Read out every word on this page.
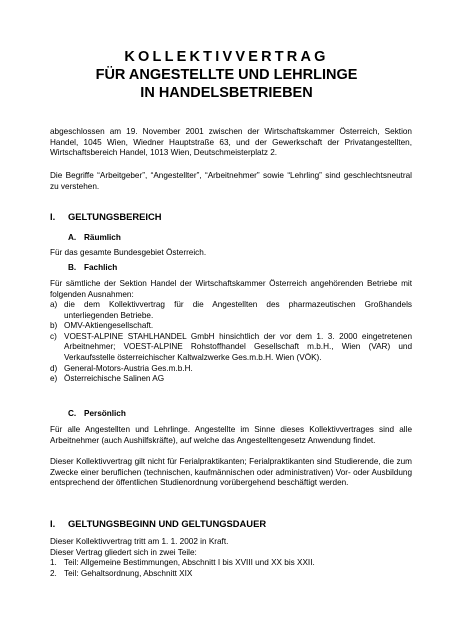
KOLLEKTIVVERTRAG

FÜR ANGESTELLTE UND LEHRLINGE

IN HANDELSBETRIEBEN

abgeschlossen am 19. November 2001 zwischen der Wirtschaftskammer Österreich, Sektion Handel, 1045 Wien, Wiedner Hauptstraße 63, und der Gewerkschaft der Privatangestellten, Wirtschaftsbereich Handel, 1013 Wien, Deutschmeisterplatz 2.
Die Begriffe “Arbeitgeber”, “Angestellter”, “Arbeitnehmer” sowie “Lehrling” sind geschlechtsneutral zu verstehen.
I. GELTUNGSBEREICH
A. Räumlich
Für das gesamte Bundesgebiet Österreich.
B. Fachlich
Für sämtliche der Sektion Handel der Wirtschaftskammer Österreich angehörenden Betriebe mit folgenden Ausnahmen:
a) die dem Kollektivvertrag für die Angestellten des pharmazeutischen Großhandels unterliegenden Betriebe.
b) OMV-Aktiengesellschaft.
c) VOEST-ALPINE STAHLHANDEL GmbH hinsichtlich der vor dem 1. 3. 2000 eingetretenen Arbeitnehmer; VOEST-ALPINE Rohstoffhandel Gesellschaft m.b.H., Wien (VAR) und Verkaufsstelle österreichischer Kaltwalzwerke Ges.m.b.H. Wien (VÖK).
d) General-Motors-Austria Ges.m.b.H.
e) Österreichische Salinen AG
C. Persönlich
Für alle Angestellten und Lehrlinge. Angestellte im Sinne dieses Kollektivvertrages sind alle Arbeitnehmer (auch Aushilfskräfte), auf welche das Angestelltengesetz Anwendung findet.
Dieser Kollektivvertrag gilt nicht für Ferialpraktikanten; Ferialpraktikanten sind Studierende, die zum Zwecke einer beruflichen (technischen, kaufmännischen oder administrativen) Vor- oder Ausbildung entsprechend der öffentlichen Studienordnung vorübergehend beschäftigt werden.
I. GELTUNGSBEGINN UND GELTUNGSDAUER
Dieser Kollektivvertrag tritt am 1. 1. 2002 in Kraft.
Dieser Vertrag gliedert sich in zwei Teile:
1. Teil: Allgemeine Bestimmungen, Abschnitt I bis XVIII und XX bis XXII.
2. Teil: Gehaltsordnung, Abschnitt XIX
